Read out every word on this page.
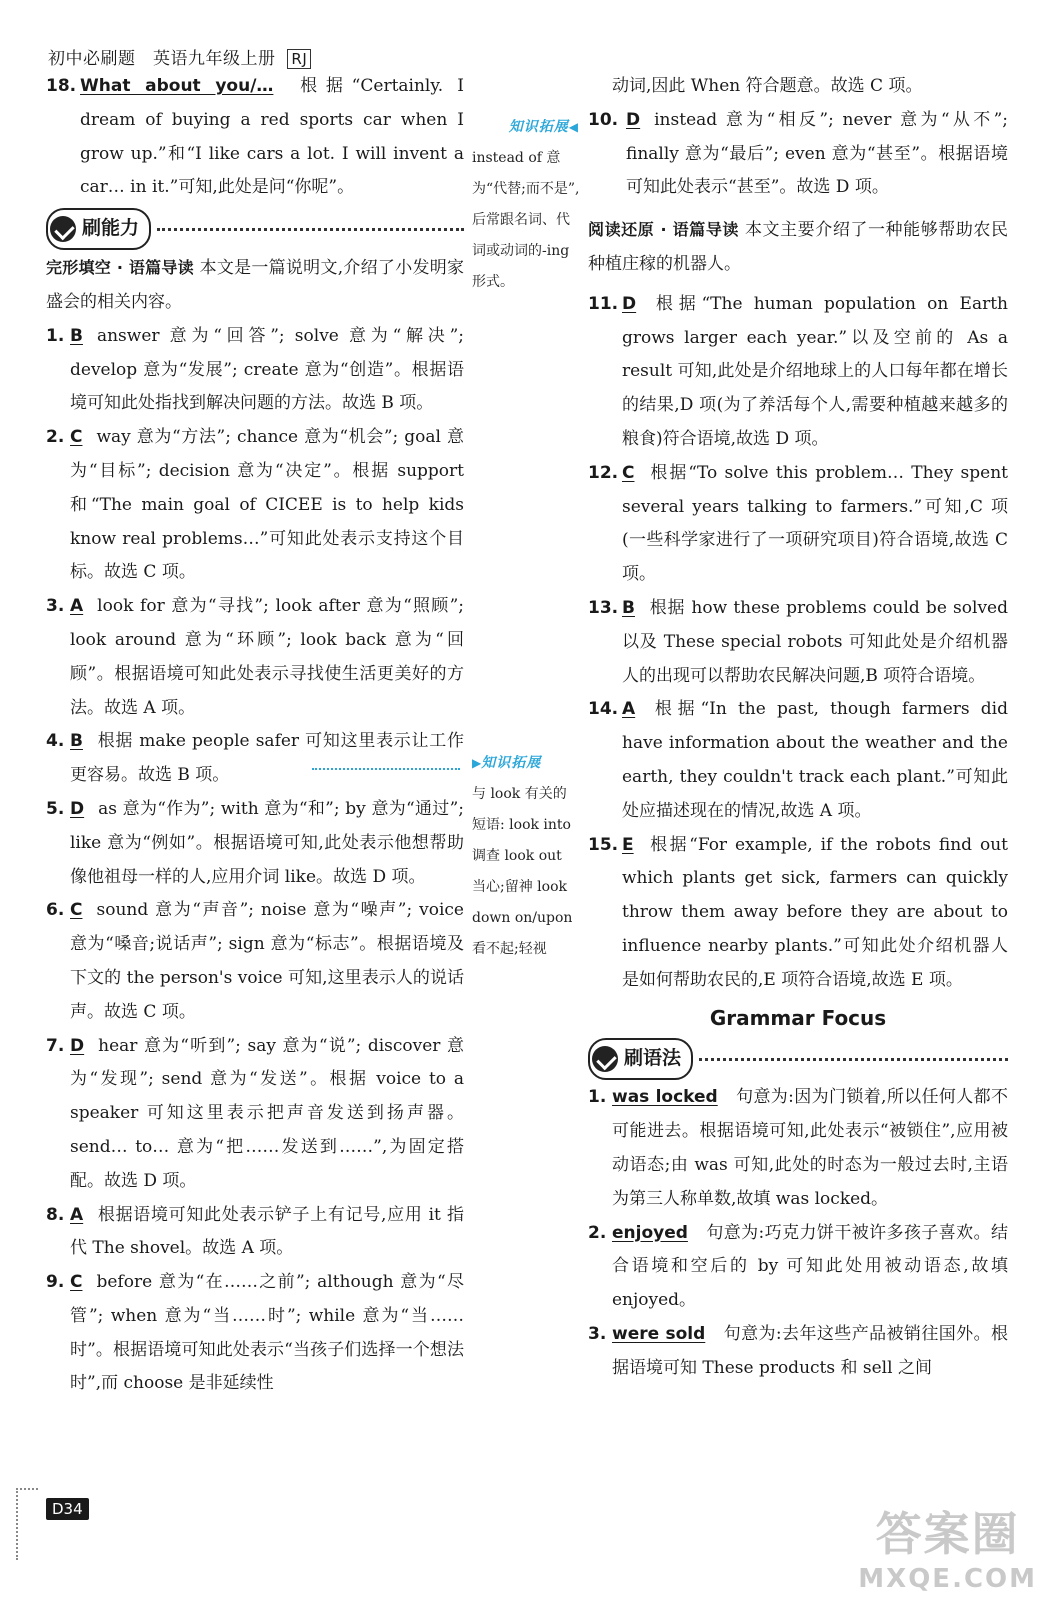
初中必刷题　英语九年级上册 RJ
18. What about you/… 根据“Certainly. I dream of buying a red sports car when I grow up.”和“I like cars a lot. I will invent a car… in it.”可知,此处是问“你呢”。
刷能力
完形填空 · 语篇导读 本文是一篇说明文,介绍了小发明家盛会的相关内容。
1. B answer 意为“回答”; solve 意为“解决”; develop 意为“发展”; create 意为“创造”。根据语境可知此处指找到解决问题的方法。故选 B 项。
2. C way 意为“方法”; chance 意为“机会”; goal 意为“目标”; decision 意为“决定”。根据 support 和“The main goal of CICEE is to help kids know real problems…”可知此处表示支持这个目标。故选 C 项。
3. A look for 意为“寻找”; look after 意为“照顾”; look around 意为“环顾”; look back 意为“回顾”。根据语境可知此处表示寻找使生活更美好的方法。故选 A 项。
4. B 根据 make people safer 可知这里表示让工作更容易。故选 B 项。
5. D as 意为“作为”; with 意为“和”; by 意为“通过”; like 意为“例如”。根据语境可知,此处表示他想帮助像他祖母一样的人,应用介词 like。故选 D 项。
6. C sound 意为“声音”; noise 意为“噪声”; voice 意为“嗓音;说话声”; sign 意为“标志”。根据语境及下文的 the person's voice 可知,这里表示人的说话声。故选 C 项。
7. D hear 意为“听到”; say 意为“说”; discover 意为“发现”; send 意为“发送”。根据 voice to a speaker 可知这里表示把声音发送到扬声器。send… to… 意为“把……发送到……”,为固定搭配。故选 D 项。
8. A 根据语境可知此处表示铲子上有记号,应用 it 指代 The shovel。故选 A 项。
9. C before 意为“在……之前”; although 意为“尽管”; when 意为“当……时”; while 意为“当……时”。根据语境可知此处表示“当孩子们选择一个想法时”,而 choose 是非延续性
知识拓展◀
instead of 意为“代替;而不是”,后常跟名词、代词或动词的-ing形式。
▶知识拓展
与 look 有关的短语: look into 调查 look out 当心;留神 look down on/upon 看不起;轻视
动词,因此 When 符合题意。故选 C 项。
10. D instead 意为“相反”; never 意为“从不”; finally 意为“最后”; even 意为“甚至”。根据语境可知此处表示“甚至”。故选 D 项。
阅读还原 · 语篇导读 本文主要介绍了一种能够帮助农民种植庄稼的机器人。
11. D 根据“The human population on Earth grows larger each year.”以及空前的 As a result 可知,此处是介绍地球上的人口每年都在增长的结果,D 项(为了养活每个人,需要种植越来越多的粮食)符合语境,故选 D 项。
12. C 根据“To solve this problem… They spent several years talking to farmers.”可知,C 项(一些科学家进行了一项研究项目)符合语境,故选 C 项。
13. B 根据 how these problems could be solved 以及 These special robots 可知此处是介绍机器人的出现可以帮助农民解决问题,B 项符合语境。
14. A 根据“In the past, though farmers did have information about the weather and the earth, they couldn't track each plant.”可知此处应描述现在的情况,故选 A 项。
15. E 根据“For example, if the robots find out which plants get sick, farmers can quickly throw them away before they are about to influence nearby plants.”可知此处介绍机器人是如何帮助农民的,E 项符合语境,故选 E 项。
Grammar Focus
刷语法
1. was locked 句意为:因为门锁着,所以任何人都不可能进去。根据语境可知,此处表示“被锁住”,应用被动语态;由 was 可知,此处的时态为一般过去时,主语为第三人称单数,故填 was locked。
2. enjoyed 句意为:巧克力饼干被许多孩子喜欢。结合语境和空后的 by 可知此处用被动语态,故填 enjoyed。
3. were sold 句意为:去年这些产品被销往国外。根据语境可知 These products 和 sell 之间
D34	答案圈
MXQE.COM
